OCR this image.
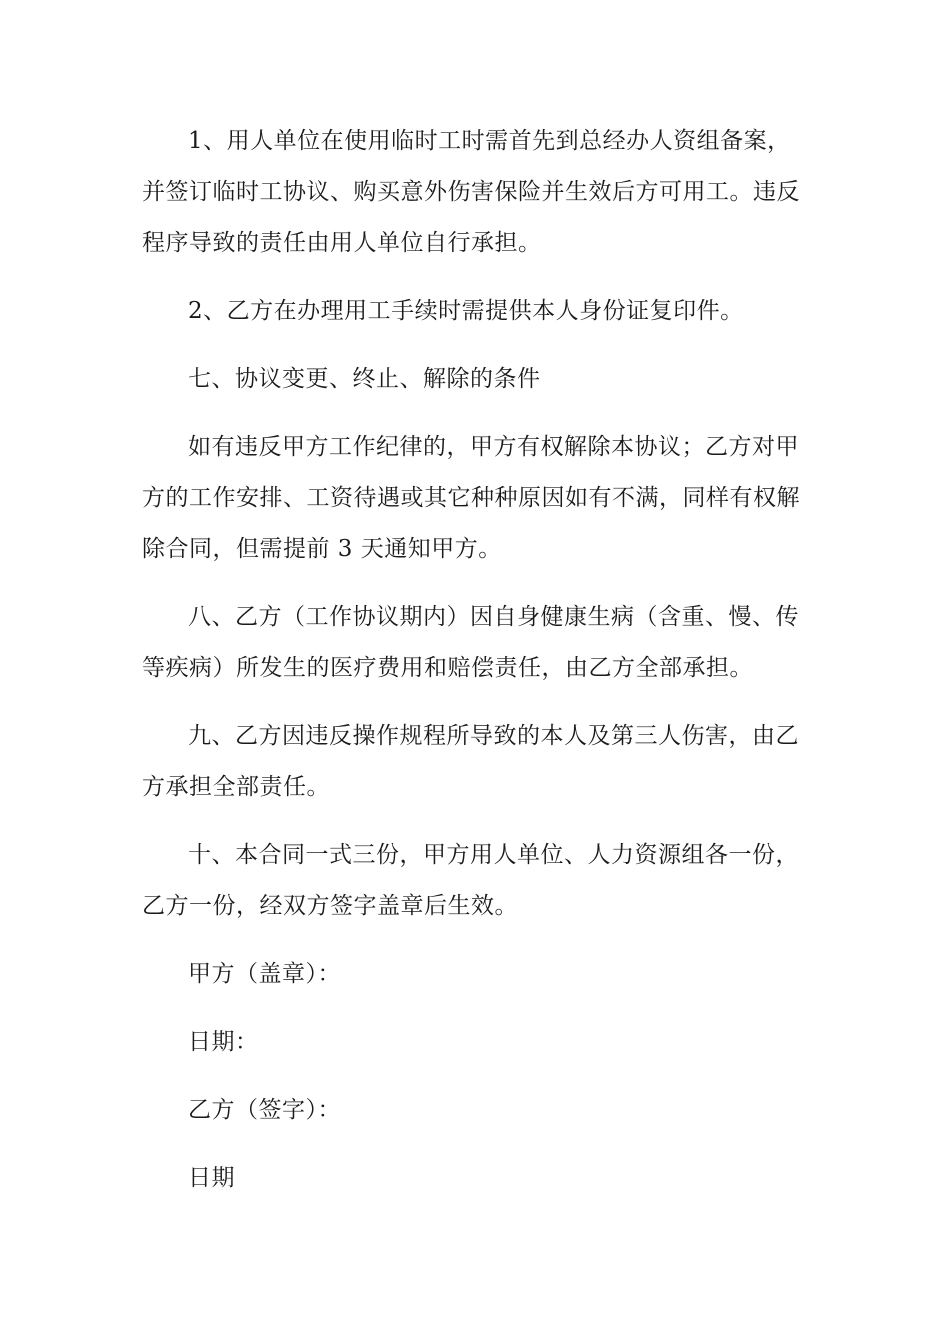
1、用人单位在使用临时工时需首先到总经办人资组备案，
并签订临时工协议、购买意外伤害保险并生效后方可用工。违反
程序导致的责任由用人单位自行承担。

2、乙方在办理用工手续时需提供本人身份证复印件。

七、协议变更、终止、解除的条件

如有违反甲方工作纪律的，甲方有权解除本协议；乙方对甲
方的工作安排、工资待遇或其它种种原因如有不满，同样有权解
除合同，但需提前 3 天通知甲方。

八、乙方（工作协议期内）因自身健康生病（含重、慢、传
等疾病）所发生的医疗费用和赔偿责任，由乙方全部承担。

九、乙方因违反操作规程所导致的本人及第三人伤害，由乙
方承担全部责任。

十、本合同一式三份，甲方用人单位、人力资源组各一份，
乙方一份，经双方签字盖章后生效。

甲方（盖章）：

日期：

乙方（签字）：

日期
